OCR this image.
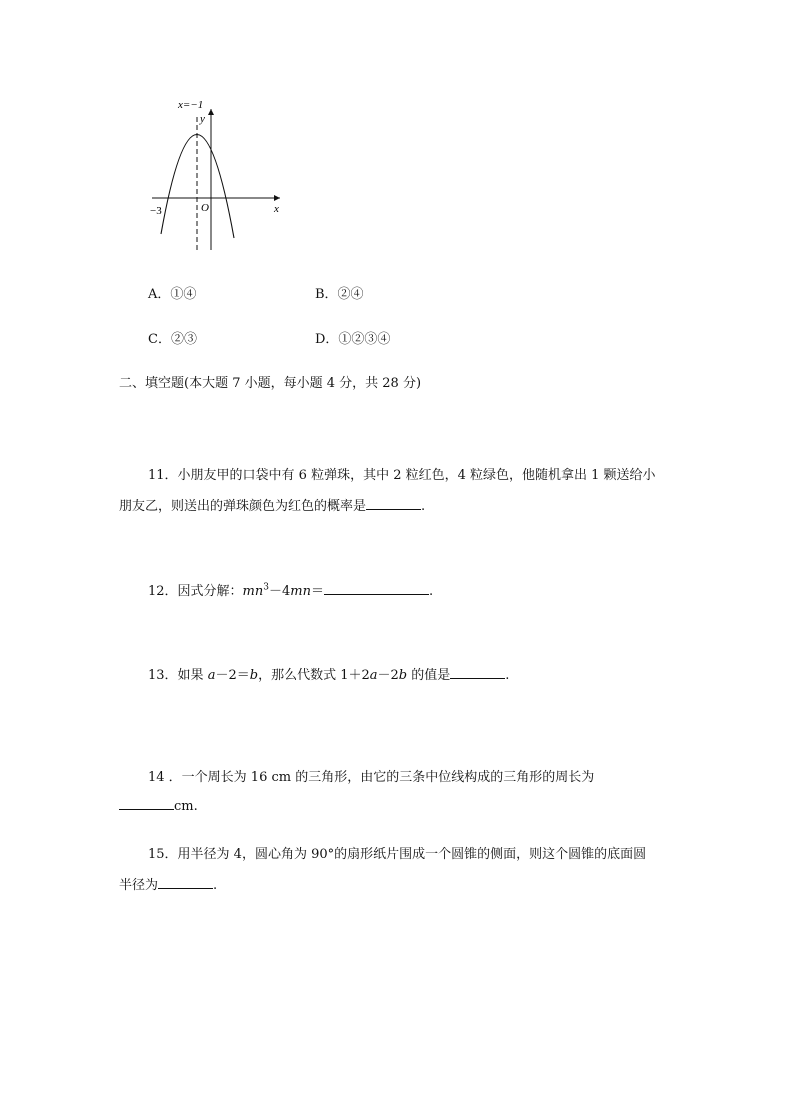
x=−1
y
O	x
−3
A．①④	B．②④
C．②③	D．①②③④
二、填空题(本大题 7 小题，每小题 4 分，共 28 分)
11．小朋友甲的口袋中有 6 粒弹珠，其中 2 粒红色，4 粒绿色，他随机拿出 1 颗送给小
朋友乙，则送出的弹珠颜色为红色的概率是	.
12．因式分解：$mn^3-4mn=$	.
13．如果 a－2＝b，那么代数式 1＋2a－2b 的值是	.
14 ．一个周长为 16 cm 的三角形，由它的三条中位线构成的三角形的周长为
cm.
15．用半径为 4，圆心角为 90°的扇形纸片围成一个圆锥的侧面，则这个圆锥的底面圆
半径为	.
